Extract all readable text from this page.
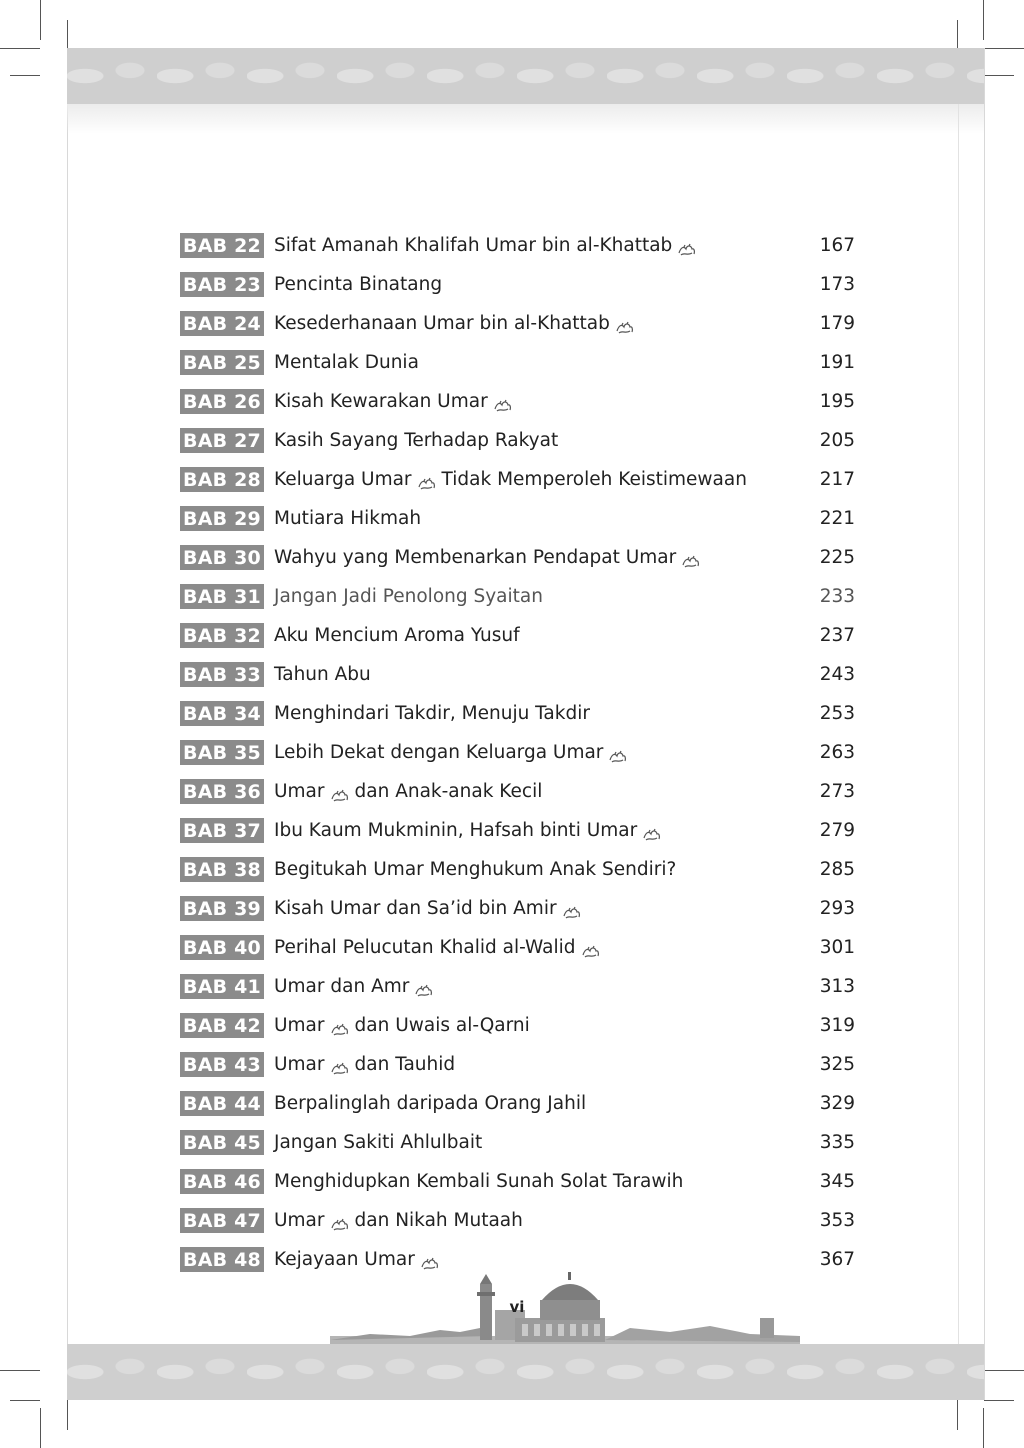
BAB 22 Sifat Amanah Khalifah Umar bin al-Khattab	167
BAB 23 Pencinta Binatang	173
BAB 24 Kesederhanaan Umar bin al-Khattab	179
BAB 25 Mentalak Dunia	191
BAB 26 Kisah Kewarakan Umar	195
BAB 27 Kasih Sayang Terhadap Rakyat	205
BAB 28 Keluarga Umar Tidak Memperoleh Keistimewaan	217
BAB 29 Mutiara Hikmah	221
BAB 30 Wahyu yang Membenarkan Pendapat Umar	225
BAB 31 Jangan Jadi Penolong Syaitan	233
BAB 32 Aku Mencium Aroma Yusuf	237
BAB 33 Tahun Abu	243
BAB 34 Menghindari Takdir, Menuju Takdir	253
BAB 35 Lebih Dekat dengan Keluarga Umar	263
BAB 36 Umar dan Anak-anak Kecil	273
BAB 37 Ibu Kaum Mukminin, Hafsah binti Umar	279
BAB 38 Begitukah Umar Menghukum Anak Sendiri?	285
BAB 39 Kisah Umar dan Sa’id bin Amir	293
BAB 40 Perihal Pelucutan Khalid al-Walid	301
BAB 41 Umar dan Amr	313
BAB 42 Umar dan Uwais al-Qarni	319
BAB 43 Umar dan Tauhid	325
BAB 44 Berpalinglah daripada Orang Jahil	329
BAB 45 Jangan Sakiti Ahlulbait	335
BAB 46 Menghidupkan Kembali Sunah Solat Tarawih	345
BAB 47 Umar dan Nikah Mutaah	353
BAB 48 Kejayaan Umar	367
vi
